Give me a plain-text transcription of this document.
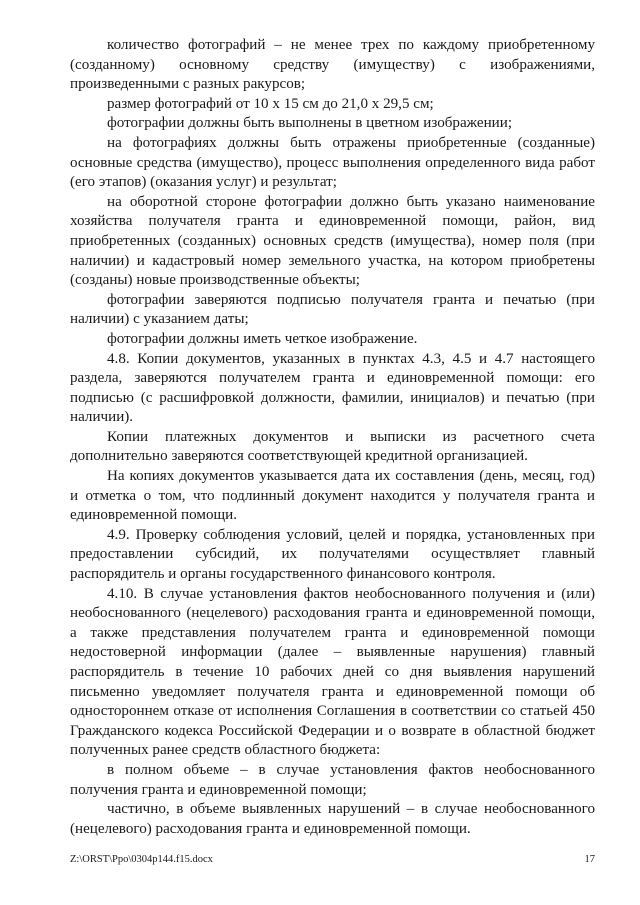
количество фотографий – не менее трех по каждому приобретенному (созданному) основному средству (имуществу) с изображениями, произведенными с разных ракурсов;

размер фотографий от 10 х 15 см до 21,0 х 29,5 см;

фотографии должны быть выполнены в цветном изображении;

на фотографиях должны быть отражены приобретенные (созданные) основные средства (имущество), процесс выполнения определенного вида работ (его этапов) (оказания услуг) и результат;

на оборотной стороне фотографии должно быть указано наименование хозяйства получателя гранта и единовременной помощи, район, вид приобретенных (созданных) основных средств (имущества), номер поля (при наличии) и кадастровый номер земельного участка, на котором приобретены (созданы) новые производственные объекты;

фотографии заверяются подписью получателя гранта и печатью (при наличии) с указанием даты;

фотографии должны иметь четкое изображение.

4.8. Копии документов, указанных в пунктах 4.3, 4.5 и 4.7 настоящего раздела, заверяются получателем гранта и единовременной помощи: его подписью (с расшифровкой должности, фамилии, инициалов) и печатью (при наличии).

Копии платежных документов и выписки из расчетного счета дополнительно заверяются соответствующей кредитной организацией.

На копиях документов указывается дата их составления (день, месяц, год) и отметка о том, что подлинный документ находится у получателя гранта и единовременной помощи.

4.9. Проверку соблюдения условий, целей и порядка, установленных при предоставлении субсидий, их получателями осуществляет главный распорядитель и органы государственного финансового контроля.

4.10. В случае установления фактов необоснованного получения и (или) необоснованного (нецелевого) расходования гранта и единовременной помощи, а также представления получателем гранта и единовременной помощи недостоверной информации (далее – выявленные нарушения) главный распорядитель в течение 10 рабочих дней со дня выявления нарушений письменно уведомляет получателя гранта и единовременной помощи об одностороннем отказе от исполнения Соглашения в соответствии со статьей 450 Гражданского кодекса Российской Федерации и о возврате в областной бюджет полученных ранее средств областного бюджета:

в полном объеме – в случае установления фактов необоснованного получения гранта и единовременной помощи;

частично, в объеме выявленных нарушений – в случае необоснованного (нецелевого) расходования гранта и единовременной помощи.

Z:\ORST\Ppo\0304p144.f15.docx	17
